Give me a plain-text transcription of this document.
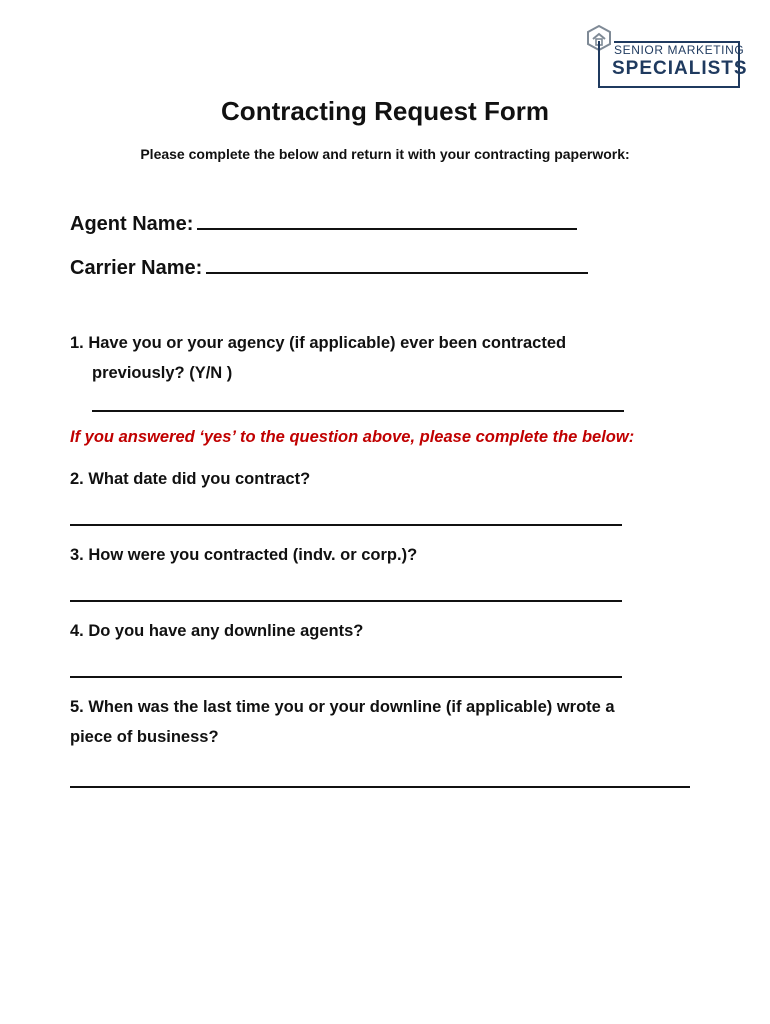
SENIOR MARKETING
SPECIALISTS
Contracting Request Form
Please complete the below and return it with your contracting paperwork:
Agent Name:
Carrier Name:
1. Have you or your agency (if applicable) ever been contracted
previously? (Y/N )
If you answered ‘yes’ to the question above, please complete the below:
2. What date did you contract?
3. How were you contracted (indv. or corp.)?
4. Do you have any downline agents?
5. When was the last time you or your downline (if applicable) wrote a
piece of business?
